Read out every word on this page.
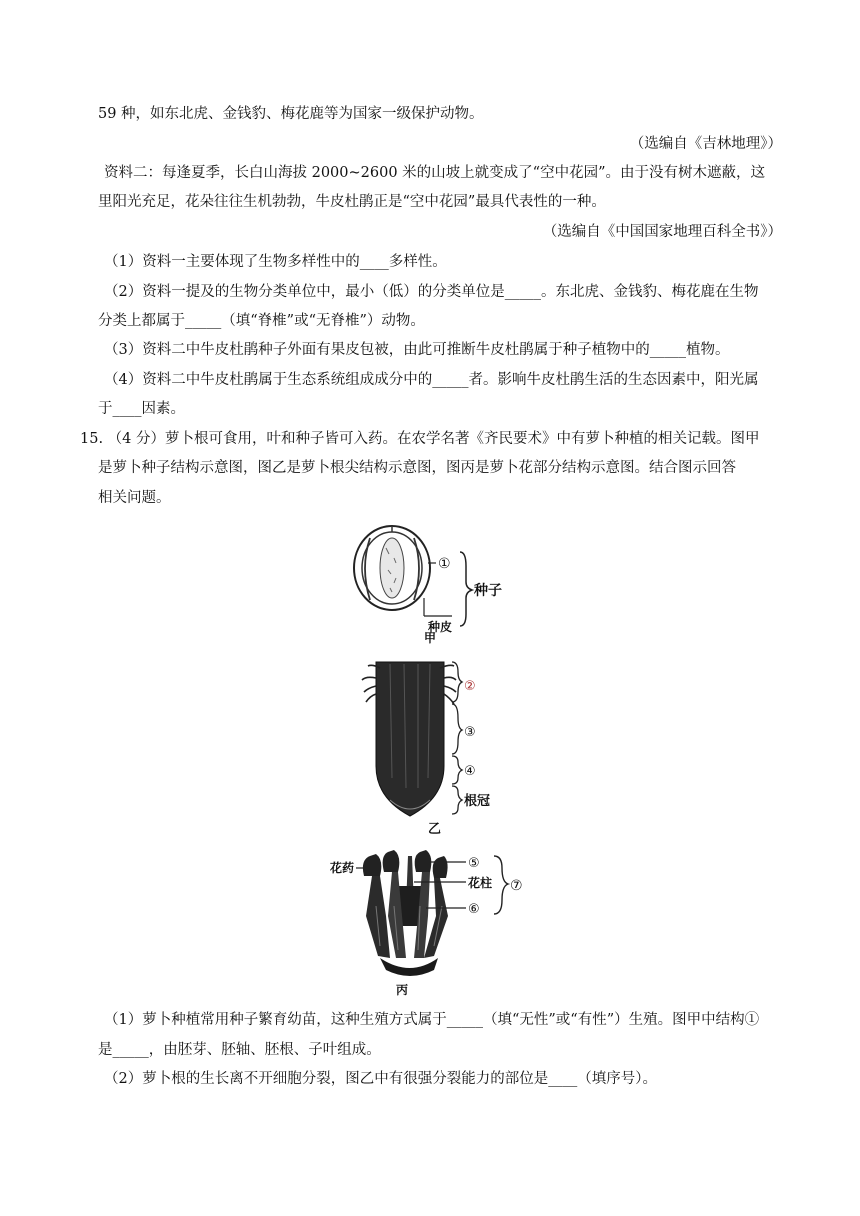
59 种，如东北虎、金钱豹、梅花鹿等为国家一级保护动物。
（选编自《吉林地理》）
资料二：每逢夏季，长白山海拔 2000~2600 米的山坡上就变成了“空中花园”。由于没有树木遮蔽，这
里阳光充足，花朵往往生机勃勃，牛皮杜鹃正是“空中花园”最具代表性的一种。
（选编自《中国国家地理百科全书》）
（1）资料一主要体现了生物多样性中的____多样性。
（2）资料一提及的生物分类单位中，最小（低）的分类单位是_____。东北虎、金钱豹、梅花鹿在生物
分类上都属于_____（填“脊椎”或“无脊椎”）动物。
（3）资料二中牛皮杜鹃种子外面有果皮包被，由此可推断牛皮杜鹃属于种子植物中的_____植物。
（4）资料二中牛皮杜鹃属于生态系统组成成分中的_____者。影响牛皮杜鹃生活的生态因素中，阳光属
于____因素。
15. （4 分）萝卜根可食用，叶和种子皆可入药。在农学名著《齐民要术》中有萝卜种植的相关记载。图甲
是萝卜种子结构示意图，图乙是萝卜根尖结构示意图，图丙是萝卜花部分结构示意图。结合图示回答
相关问题。
①
种子
种皮
甲
②
③
④
根冠
乙
花药	⑤
花柱
⑥
⑦
丙
（1）萝卜种植常用种子繁育幼苗，这种生殖方式属于_____（填“无性”或“有性”）生殖。图甲中结构①
是_____，由胚芽、胚轴、胚根、子叶组成。
（2）萝卜根的生长离不开细胞分裂，图乙中有很强分裂能力的部位是____（填序号）。
